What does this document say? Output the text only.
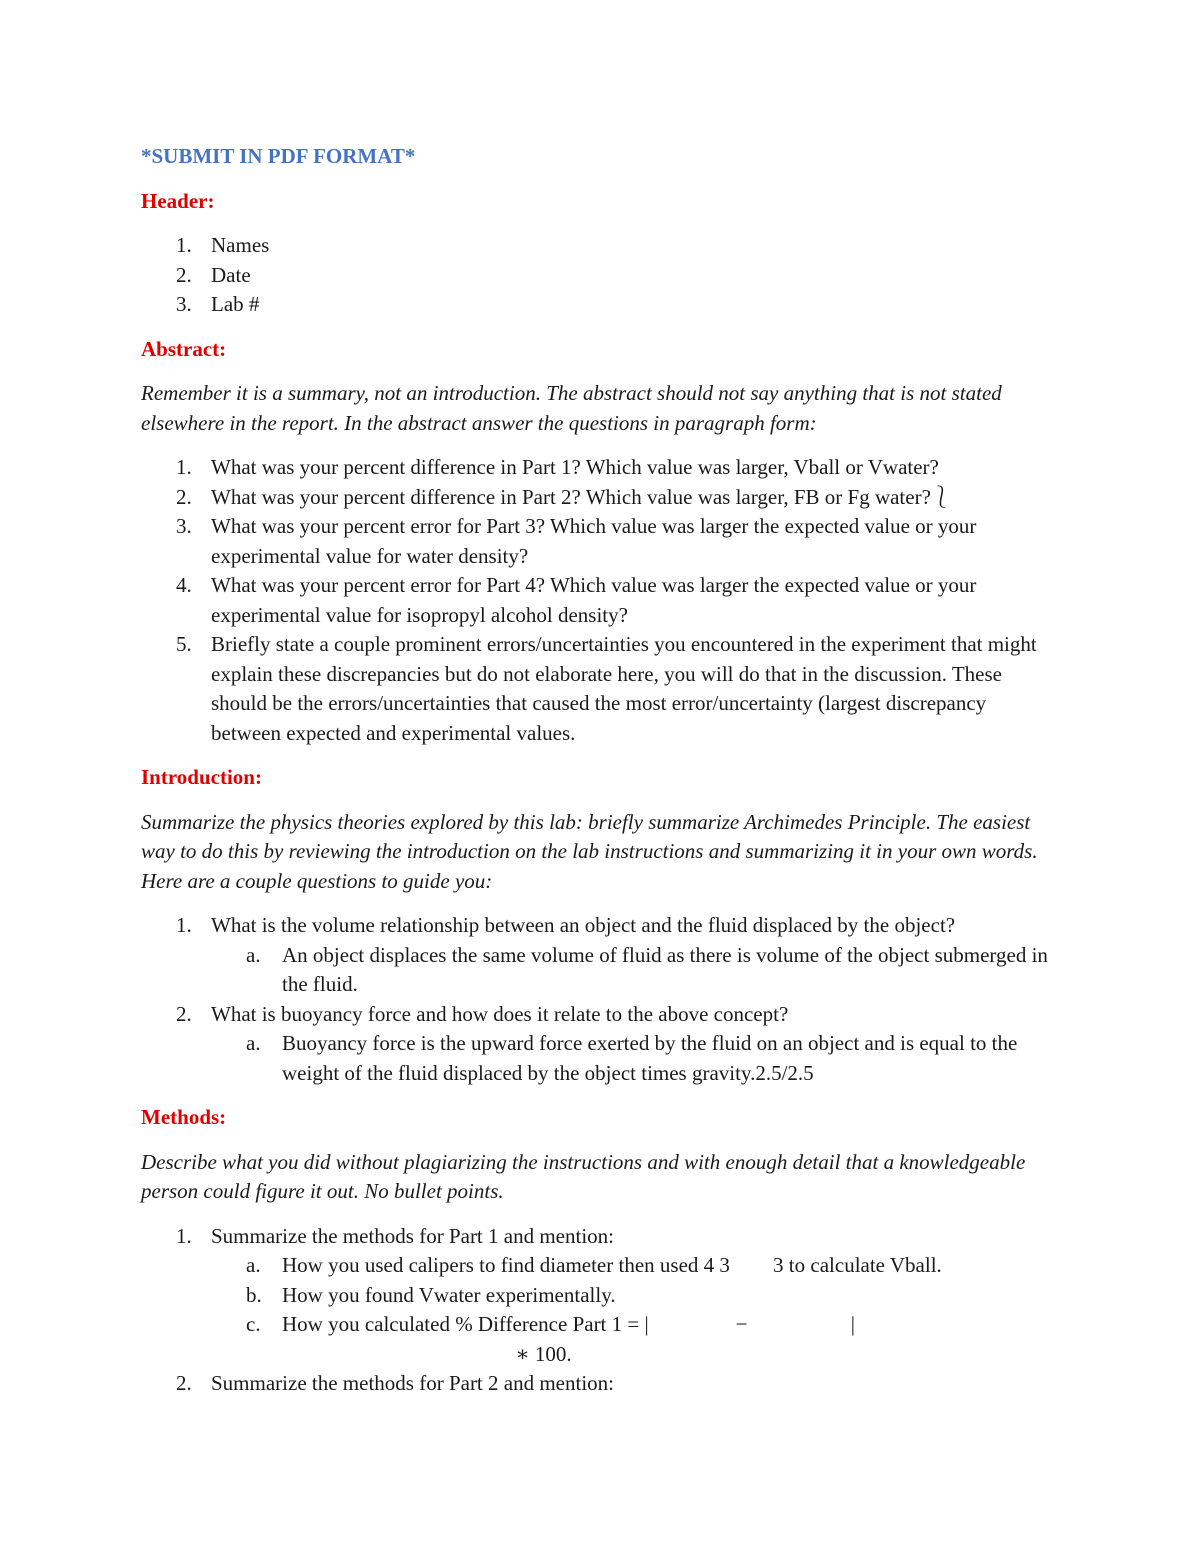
*SUBMIT IN PDF FORMAT*

Header:

1. Names
2. Date
3. Lab #

Abstract:

Remember it is a summary, not an introduction. The abstract should not say anything that is not stated elsewhere in the report. In the abstract answer the questions in paragraph form:

1. What was your percent difference in Part 1? Which value was larger, Vball or Vwater?
2. What was your percent difference in Part 2? Which value was larger, FB or Fg water?⎱
3. What was your percent error for Part 3? Which value was larger the expected value or your experimental value for water density?
4. What was your percent error for Part 4? Which value was larger the expected value or your experimental value for isopropyl alcohol density?
5. Briefly state a couple prominent errors/uncertainties you encountered in the experiment that might explain these discrepancies but do not elaborate here, you will do that in the discussion. These should be the errors/uncertainties that caused the most error/uncertainty (largest discrepancy between expected and experimental values.

Introduction:

Summarize the physics theories explored by this lab: briefly summarize Archimedes Principle. The easiest way to do this by reviewing the introduction on the lab instructions and summarizing it in your own words. Here are a couple questions to guide you:

1. What is the volume relationship between an object and the fluid displaced by the object?
a. An object displaces the same volume of fluid as there is volume of the object submerged in the fluid.
2. What is buoyancy force and how does it relate to the above concept?
a. Buoyancy force is the upward force exerted by the fluid on an object and is equal to the weight of the fluid displaced by the object times gravity.2.5/2.5

Methods:

Describe what you did without plagiarizing the instructions and with enough detail that a knowledgeable person could figure it out. No bullet points.

1. Summarize the methods for Part 1 and mention:
a. How you used calipers to find diameter then used 4 3 􀟨􀝎 3 to calculate Vball.
b. How you found Vwater experimentally.
c. How you calculated % Difference Part 1 = |􀜸 􀯕􀯔􀯟􀯟−􀜸 􀯪􀯔􀯧􀯘􀯥| 􀯔􀯩􀯘􀯥􀯔􀯚􀯘 􀯢􀯙 􀜸 􀯕􀯔􀯟􀯟 􀯔􀯡􀯗 􀜸 􀯪􀯔􀯧􀯘􀯥 ∗ 100.
2. Summarize the methods for Part 2 and mention:
